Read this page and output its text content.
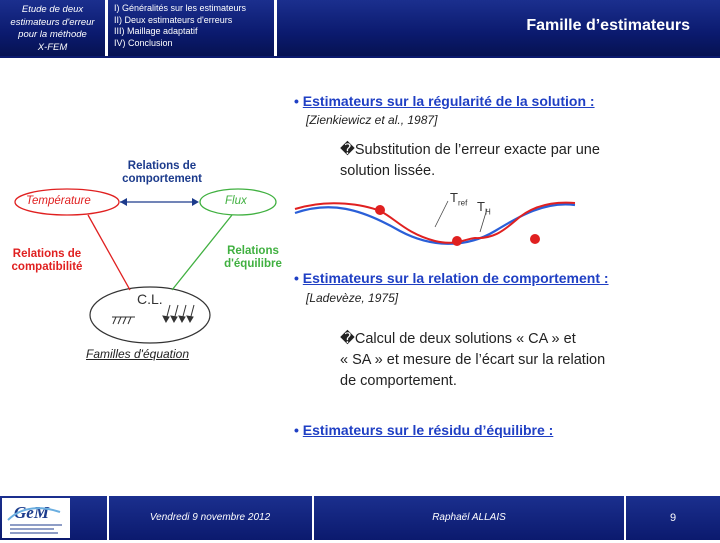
Etude de deux
estimateurs d'erreur
pour la méthode
X-FEM
I) Généralités sur les estimateurs
II) Deux estimateurs d'erreurs
III) Maillage adaptatif
IV) Conclusion
Famille d’estimateurs
Relations de
comportement
Température	Flux
Relations de
compatibilité
Relations
d'équilibre
C.L.
Familles d'équation
$T_{ref}$ $T_H$
• Estimateurs sur la régularité de la solution :
[Zienkiewicz et al., 1987]
�Substitution de l’erreur exacte par une
solution lissée.
• Estimateurs sur la relation de comportement :
[Ladevèze, 1975]
�Calcul de deux solutions « CA » et
« SA » et mesure de l’écart sur la relation
de comportement.
• Estimateurs sur le résidu d’équilibre :
GeM	Vendredi 9 novembre 2012	Raphaël ALLAIS	9
